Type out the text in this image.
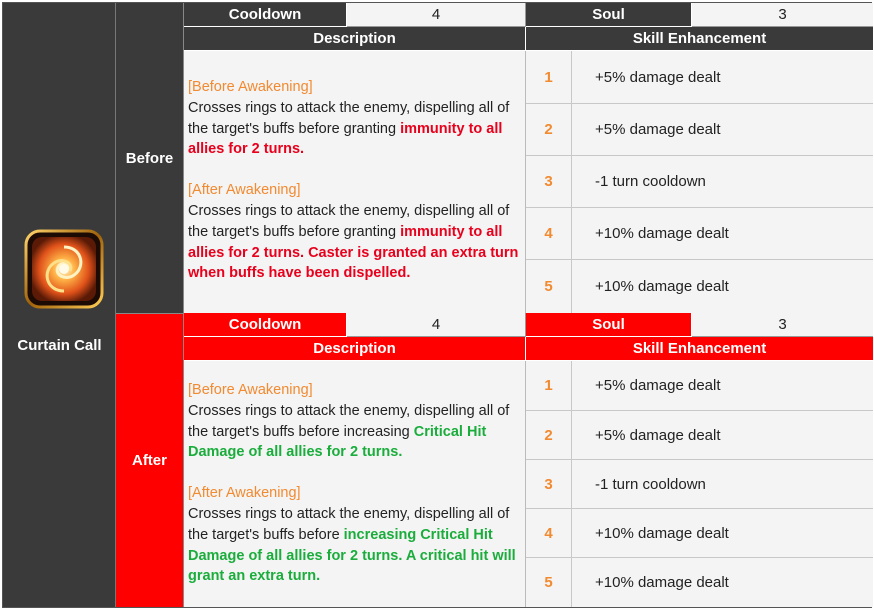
Curtain Call
Before
Cooldown	4	Soul	3
Description	Skill Enhancement

[Before Awakening]

Crosses rings to attack the enemy, dispelling all of the target's buffs before granting immunity to all allies for 2 turns.

[After Awakening]

Crosses rings to attack the enemy, dispelling all of the target's buffs before granting immunity to all allies for 2 turns. Caster is granted an extra turn when buffs have been dispelled.

1	+5% damage dealt
2	+5% damage dealt
3	-1 turn cooldown
4	+10% damage dealt
5	+10% damage dealt
After
Cooldown	4	Soul	3
Description	Skill Enhancement

[Before Awakening]

Crosses rings to attack the enemy, dispelling all of the target's buffs before increasing Critical Hit Damage of all allies for 2 turns.

[After Awakening]

Crosses rings to attack the enemy, dispelling all of the target's buffs before increasing Critical Hit Damage of all allies for 2 turns. A critical hit will grant an extra turn.

1	+5% damage dealt
2	+5% damage dealt
3	-1 turn cooldown
4	+10% damage dealt
5	+10% damage dealt
